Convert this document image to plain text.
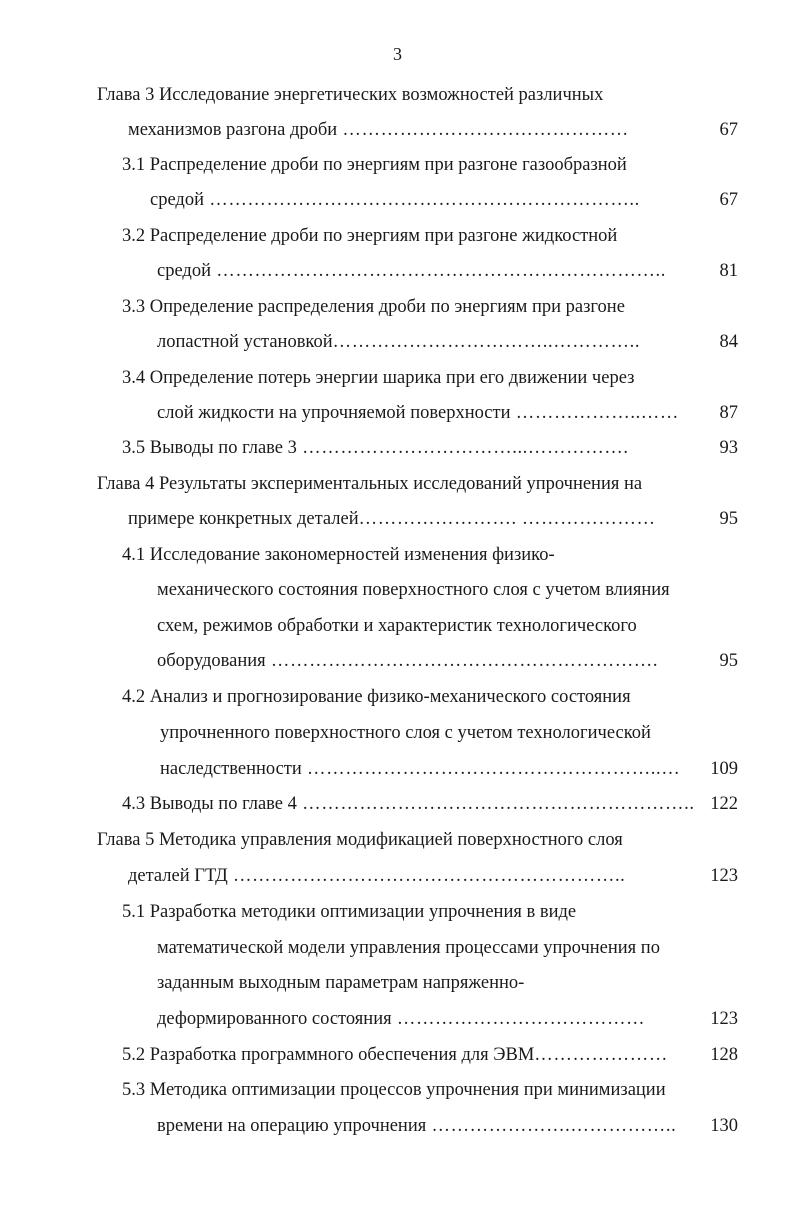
3
Глава 3 Исследование энергетических возможностей различных
механизмов разгона дроби ………………………………………	67
3.1 Распределение дроби по энергиям при разгоне газообразной
средой …………………………………………………………..	67
3.2 Распределение дроби по энергиям при разгоне жидкостной
средой ……………………………………………………………..	81
3.3 Определение распределения дроби по энергиям при разгоне
лопастной установкой……………………………..…………..	84
3.4 Определение потерь энергии шарика при его движении через
слой жидкости на упрочняемой поверхности ………………..…… 87
3.5 Выводы по главе 3 ……………………………...…………….	93
Глава 4 Результаты экспериментальных исследований упрочнения на
примере конкретных деталей……………………. …………………	95
4.1 Исследование закономерностей изменения физико-
механического состояния поверхностного слоя с учетом влияния
схем, режимов обработки и характеристик технологического
оборудования …………………………………………………….	95
4.2 Анализ и прогнозирование физико-механического состояния
упрочненного поверхностного слоя с учетом технологической
наследственности ………………………………………………..… 109
4.3 Выводы по главе 4 …………………………………………………….. 122
Глава 5 Методика управления модификацией поверхностного слоя
деталей ГТД ……………………………………………………..	123
5.1 Разработка методики оптимизации упрочнения в виде
математической модели управления процессами упрочнения по
заданным выходным параметрам напряженно-
деформированного состояния …………………………………	123
5.2 Разработка программного обеспечения для ЭВМ………………… 128
5.3 Методика оптимизации процессов упрочнения при минимизации
времени на операцию упрочнения ………………….…………….. 130
